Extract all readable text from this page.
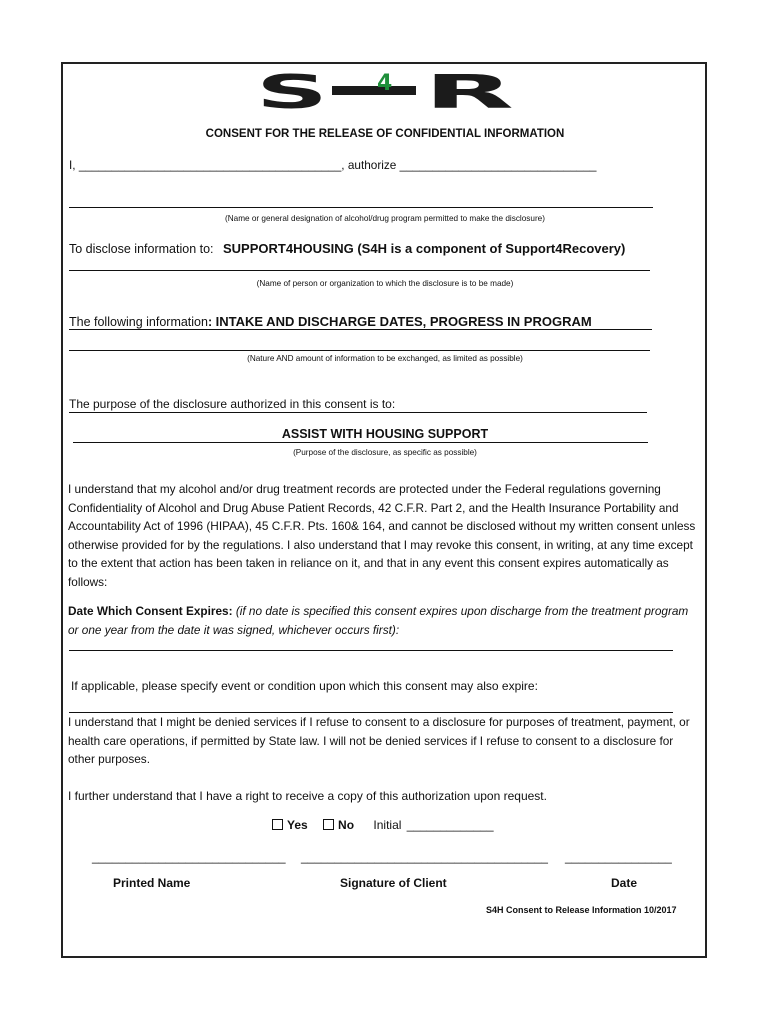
S 4 R
CONSENT FOR THE RELEASE OF CONFIDENTIAL INFORMATION
I, ________________________________________, authorize ______________________________
(Name or general designation of alcohol/drug program permitted to make the disclosure)
To disclose information to: SUPPORT4HOUSING (S4H is a component of Support4Recovery)
(Name of person or organization to which the disclosure is to be made)
The following information: INTAKE AND DISCHARGE DATES, PROGRESS IN PROGRAM
(Nature AND amount of information to be exchanged, as limited as possible)
The purpose of the disclosure authorized in this consent is to:
ASSIST WITH HOUSING SUPPORT
(Purpose of the disclosure, as specific as possible)
I understand that my alcohol and/or drug treatment records are protected under the Federal regulations governing Confidentiality of Alcohol and Drug Abuse Patient Records, 42 C.F.R. Part 2, and the Health Insurance Portability and Accountability Act of 1996 (HIPAA), 45 C.F.R. Pts. 160& 164, and cannot be disclosed without my written consent unless otherwise provided for by the regulations. I also understand that I may revoke this consent, in writing, at any time except to the extent that action has been taken in reliance on it, and that in any event this consent expires automatically as follows:
Date Which Consent Expires: (if no date is specified this consent expires upon discharge from the treatment program or one year from the date it was signed, whichever occurs first):
If applicable, please specify event or condition upon which this consent may also expire:
I understand that I might be denied services if I refuse to consent to a disclosure for purposes of treatment, payment, or health care operations, if permitted by State law. I will not be denied services if I refuse to consent to a disclosure for other purposes.
I further understand that I have a right to receive a copy of this authorization upon request.
Yes	No Initial _____________
_____________________________ _____________________________________ ________________
Printed Name	Signature of Client	Date
S4H Consent to Release Information 10/2017
